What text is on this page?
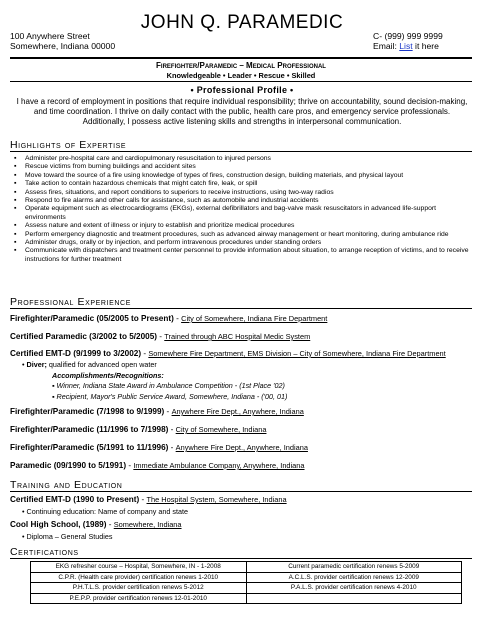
JOHN Q. PARAMEDIC
100 Anywhere Street
Somewhere, Indiana 00000
C- (999) 999 9999
Email: List it here
Firefighter/Paramedic – Medical Professional
Knowledgeable • Leader • Rescue • Skilled
• Professional Profile •
I have a record of employment in positions that require individual responsibility; thrive on accountability, sound decision-making, and time coordination. I thrive on daily contact with the public, health care pros, and emergency service professionals. Additionally, I possess active listening skills and strengths in interpersonal communication.
Highlights of Expertise
▪ Administer pre-hospital care and cardiopulmonary resuscitation to injured persons
▪ Rescue victims from burning buildings and accident sites
▪ Move toward the source of a fire using knowledge of types of fires, construction design, building materials, and physical layout
▪ Take action to contain hazardous chemicals that might catch fire, leak, or spill
▪ Assess fires, situations, and report conditions to superiors to receive instructions, using two-way radios
▪ Respond to fire alarms and other calls for assistance, such as automobile and industrial accidents
▪ Operate equipment such as electrocardiograms (EKGs), external defibrillators and bag-valve mask resuscitators in advanced life-support environments
▪ Assess nature and extent of illness or injury to establish and prioritize medical procedures
▪ Perform emergency diagnostic and treatment procedures, such as advanced airway management or heart monitoring, during ambulance ride
▪ Administer drugs, orally or by injection, and perform intravenous procedures under standing orders
▪ Communicate with dispatchers and treatment center personnel to provide information about situation, to arrange reception of victims, and to receive instructions for further treatment
Professional Experience
Firefighter/Paramedic (05/2005 to Present) - City of Somewhere, Indiana Fire Department
Certified Paramedic (3/2002 to 5/2005) - Trained through ABC Hospital Medic System
Certified EMT-D (9/1999 to 3/2002) - Somewhere Fire Department, EMS Division – City of Somewhere, Indiana Fire Department
• Diver; qualified for advanced open water
Accomplishments/Recognitions:
▪ Winner, Indiana State Award in Ambulance Competition - (1st Place '02)
▪ Recipient, Mayor's Public Service Award, Somewhere, Indiana - ('00, 01)
Firefighter/Paramedic (7/1998 to 9/1999) - Anywhere Fire Dept., Anywhere, Indiana
Firefighter/Paramedic (11/1996 to 7/1998) - City of Somewhere, Indiana
Firefighter/Paramedic (5/1991 to 11/1996) - Anywhere Fire Dept., Anywhere, Indiana
Paramedic (09/1990 to 5/1991) - Immediate Ambulance Company, Anywhere, Indiana
Training and Education
Certified EMT-D (1990 to Present) - The Hospital System, Somewhere, Indiana
• Continuing education: Name of company and state
Cool High School, (1989) - Somewhere, Indiana
• Diploma – General Studies
Certifications
EKG refresher course – Hospital, Somewhere, IN - 1-2008	Current paramedic certification renews 5-2009
C.P.R. (Health care provider) certification renews 1-2010	A.C.L.S. provider certification renews 12-2009
P.H.T.L.S. provider certification renews 5-2012	P.A.L.S. provider certification renews 4-2010
P.E.P.P. provider certification renews 12-01-2010	
